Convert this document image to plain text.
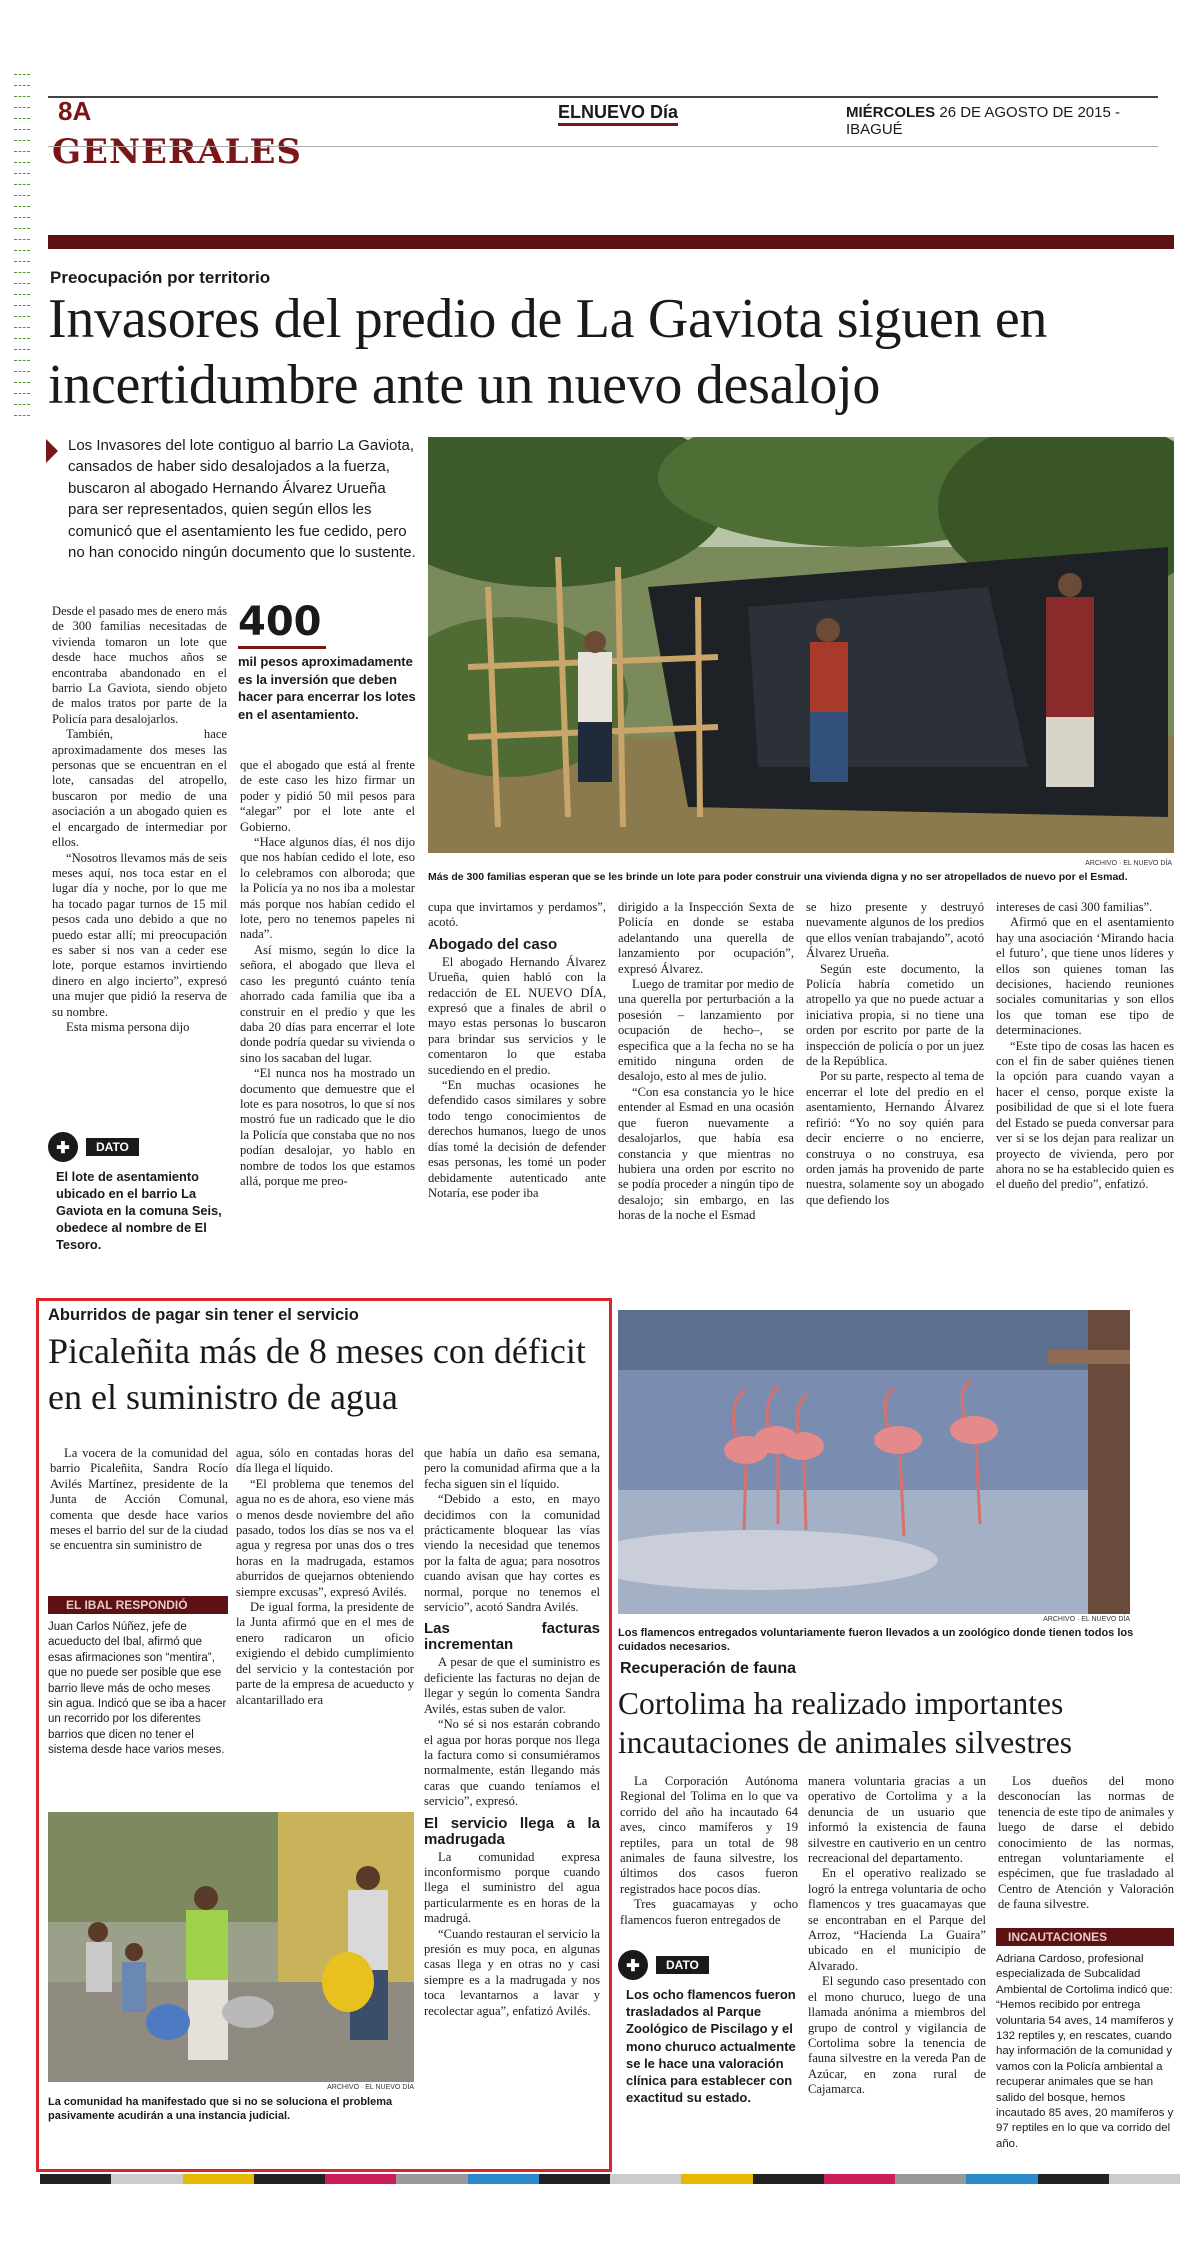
8A
GENERALES
ELNUEVO Día	MIÉRCOLES 26 DE AGOSTO DE 2015 - IBAGUÉ
Preocupación por territorio
Invasores del predio de La Gaviota siguen en incertidumbre ante un nuevo desalojo
Los Invasores del lote contiguo al barrio La Gaviota, cansados de haber sido desalojados a la fuerza, buscaron al abogado Hernando Álvarez Urueña para ser representados, quien según ellos les comunicó que el asentamiento les fue cedido, pero no han conocido ningún documento que lo sustente.
ARCHIVO · EL NUEVO DÍA
Más de 300 familias esperan que se les brinde un lote para poder construir una vivienda digna y no ser atropellados de nuevo por el Esmad.
400
mil pesos aproximadamente es la inversión que deben hacer para encerrar los lotes en el asentamiento.

Desde el pasado mes de enero más de 300 familias necesitadas de vivienda tomaron un lote que desde hace muchos años se encontraba abandonado en el barrio La Gaviota, siendo objeto de malos tratos por parte de la Policía para desalojarlos.

También, hace aproximadamente dos meses las personas que se encuentran en el lote, cansadas del atropello, buscaron por medio de una asociación a un abogado quien es el encargado de intermediar por ellos.

“Nosotros llevamos más de seis meses aquí, nos toca estar en el lugar día y noche, por lo que me ha tocado pagar turnos de 15 mil pesos cada uno debido a que no puedo estar allí; mi preocupación es saber si nos van a ceder ese lote, porque estamos invirtiendo dinero en algo incierto”, expresó una mujer que pidió la reserva de su nombre.

Esta misma persona dijo

que el abogado que está al frente de este caso les hizo firmar un poder y pidió 50 mil pesos para “alegar” por el lote ante el Gobierno.

“Hace algunos días, él nos dijo que nos habían cedido el lote, eso lo celebramos con alboroda; que la Policía ya no nos iba a molestar más porque nos habían cedido el lote, pero no tenemos papeles ni nada”.

Así mismo, según lo dice la señora, el abogado que lleva el caso les preguntó cuánto tenía ahorrado cada familia que iba a construir en el predio y que les daba 20 días para encerrar el lote donde podría quedar su vivienda o sino los sacaban del lugar.

“El nunca nos ha mostrado un documento que demuestre que el lote es para nosotros, lo que sí nos mostró fue un radicado que le dio la Policía que constaba que no nos podían desalojar, yo hablo en nombre de todos los que estamos allá, porque me preo-

cupa que invirtamos y perdamos”, acotó.

Abogado del caso

El abogado Hernando Álvarez Urueña, quien habló con la redacción de EL NUEVO DÍA, expresó que a finales de abril o mayo estas personas lo buscaron para brindar sus servicios y le comentaron lo que estaba sucediendo en el predio.

“En muchas ocasiones he defendido casos similares y sobre todo tengo conocimientos de derechos humanos, luego de unos días tomé la decisión de defender esas personas, les tomé un poder debidamente autenticado ante Notaría, ese poder iba

dirigido a la Inspección Sexta de Policía en donde se estaba adelantando una querella de lanzamiento por ocupación”, expresó Álvarez.

Luego de tramitar por medio de una querella por perturbación a la posesión – lanzamiento por ocupación de hecho–, se especifica que a la fecha no se ha emitido ninguna orden de desalojo, esto al mes de julio.

“Con esa constancia yo le hice entender al Esmad en una ocasión que fueron nuevamente a desalojarlos, que había esa constancia y que mientras no hubiera una orden por escrito no se podía proceder a ningún tipo de desalojo; sin embargo, en las horas de la noche el Esmad

se hizo presente y destruyó nuevamente algunos de los predios que ellos venían trabajando”, acotó Álvarez Urueña.

Según este documento, la Policía habría cometido un atropello ya que no puede actuar a iniciativa propia, si no tiene una orden por escrito por parte de la inspección de policía o por un juez de la República.

Por su parte, respecto al tema de encerrar el lote del predio en el asentamiento, Hernando Álvarez refirió: “Yo no soy quién para decir encierre o no encierre, construya o no construya, esa orden jamás ha provenido de parte nuestra, solamente soy un abogado que defiendo los

intereses de casi 300 familias”.

Afirmó que en el asentamiento hay una asociación ‘Mirando hacia el futuro’, que tiene unos líderes y ellos son quienes toman las decisiones, haciendo reuniones sociales comunitarias y son ellos los que toman ese tipo de determinaciones.

“Este tipo de cosas las hacen es con el fin de saber quiénes tienen la opción para cuando vayan a hacer el censo, porque existe la posibilidad de que si el lote fuera del Estado se pueda conversar para ver si se los dejan para realizar un proyecto de vivienda, pero por ahora no se ha establecido quien es el dueño del predio”, enfatizó.

✚	DATO
El lote de asentamiento ubicado en el barrio La Gaviota en la comuna Seis, obedece al nombre de El Tesoro.
Aburridos de pagar sin tener el servicio
Picaleñita más de 8 meses con déficit en el suministro de agua

La vocera de la comunidad del barrio Picaleñita, Sandra Rocío Avilés Martínez, presidente de la Junta de Acción Comunal, comenta que desde hace varios meses el barrio del sur de la ciudad se encuentra sin suministro de

EL IBAL RESPONDIÓ
Juan Carlos Núñez, jefe de acueducto del Ibal, afirmó que esas afirmaciones son “mentira”, que no puede ser posible que ese barrio lleve más de ocho meses sin agua. Indicó que se iba a hacer un recorrido por los diferentes barrios que dicen no tener el sistema desde hace varios meses.

agua, sólo en contadas horas del día llega el líquido.

“El problema que tenemos del agua no es de ahora, eso viene más o menos desde noviembre del año pasado, todos los días se nos va el agua y regresa por unas dos o tres horas en la madrugada, estamos aburridos de quejarnos obteniendo siempre excusas”, expresó Avilés.

De igual forma, la presidente de la Junta afirmó que en el mes de enero radicaron un oficio exigiendo el debido cumplimiento del servicio y la contestación por parte de la empresa de acueducto y alcantarillado era

que había un daño esa semana, pero la comunidad afirma que a la fecha siguen sin el líquido.

“Debido a esto, en mayo decidimos con la comunidad prácticamente bloquear las vías viendo la necesidad que tenemos por la falta de agua; para nosotros cuando avisan que hay cortes es normal, porque no tenemos el servicio”, acotó Sandra Avilés.

Las facturas incrementan

A pesar de que el suministro es deficiente las facturas no dejan de llegar y según lo comenta Sandra Avilés, estas suben de valor.

“No sé si nos estarán cobrando el agua por horas porque nos llega la factura como si consumiéramos normalmente, están llegando más caras que cuando teníamos el servicio”, expresó.

El servicio llega a la madrugada

La comunidad expresa inconformismo porque cuando llega el suministro del agua particularmente es en horas de la madrugá.

“Cuando restauran el servicio la presión es muy poca, en algunas casas llega y en otras no y casi siempre es a la madrugada y nos toca levantarnos a lavar y recolectar agua”, enfatizó Avilés.

ARCHIVO · EL NUEVO DÍA
La comunidad ha manifestado que si no se soluciona el problema pasivamente acudirán a una instancia judicial.
ARCHIVO · EL NUEVO DÍA
Los flamencos entregados voluntariamente fueron llevados a un zoológico donde tienen todos los cuidados necesarios.
Recuperación de fauna
Cortolima ha realizado importantes incautaciones de animales silvestres

La Corporación Autónoma Regional del Tolima en lo que va corrido del año ha incautado 64 aves, cinco mamíferos y 19 reptiles, para un total de 98 animales de fauna silvestre, los últimos dos casos fueron registrados hace pocos días.

Tres guacamayas y ocho flamencos fueron entregados de

✚	DATO
Los ocho flamencos fueron trasladados al Parque Zoológico de Piscilago y el mono churuco actualmente se le hace una valoración clínica para establecer con exactitud su estado.

manera voluntaria gracias a un operativo de Cortolima y a la denuncia de un usuario que informó la existencia de fauna silvestre en cautiverio en un centro recreacional del departamento.

En el operativo realizado se logró la entrega voluntaria de ocho flamencos y tres guacamayas que se encontraban en el Parque del Arroz, “Hacienda La Guaira” ubicado en el municipio de Alvarado.

El segundo caso presentado con el mono churuco, luego de una llamada anónima a miembros del grupo de control y vigilancia de Cortolima sobre la tenencia de fauna silvestre en la vereda Pan de Azúcar, en zona rural de Cajamarca.

Los dueños del mono desconocían las normas de tenencia de este tipo de animales y luego de darse el debido conocimiento de las normas, entregan voluntariamente el espécimen, que fue trasladado al Centro de Atención y Valoración de fauna silvestre.

INCAUTACIONES
Adriana Cardoso, profesional especializada de Subcalidad Ambiental de Cortolima indicó que: “Hemos recibido por entrega voluntaria 54 aves, 14 mamíferos y 132 reptiles y, en rescates, cuando hay información de la comunidad y vamos con la Policía ambiental a recuperar animales que se han salido del bosque, hemos incautado 85 aves, 20 mamíferos y 97 reptiles en lo que va corrido del año.
